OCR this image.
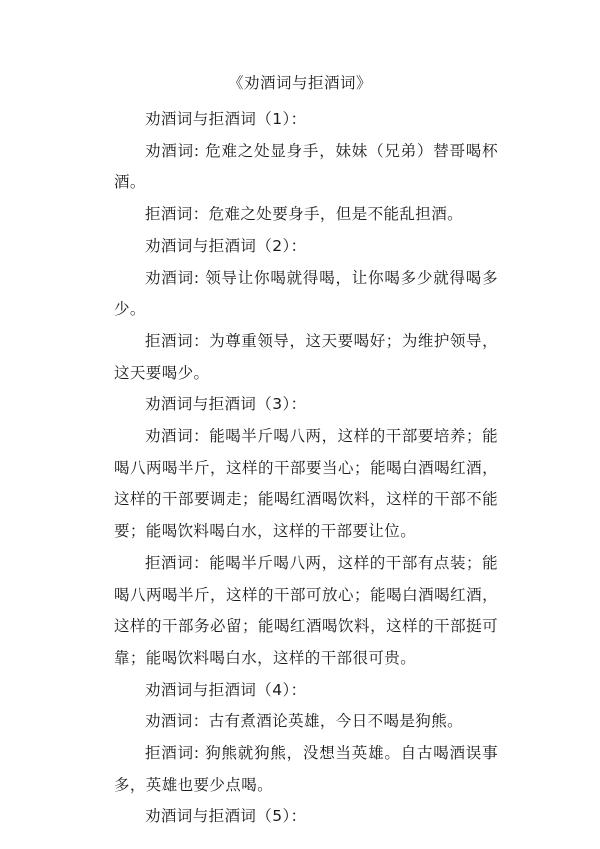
《劝酒词与拒酒词》

劝酒词与拒酒词（1）：

劝酒词: 危难之处显身手，妹妹（兄弟）替哥喝杯酒。

拒酒词：危难之处要身手，但是不能乱担酒。

劝酒词与拒酒词（2）：

劝酒词: 领导让你喝就得喝，让你喝多少就得喝多少。

拒酒词：为尊重领导，这天要喝好；为维护领导，这天要喝少。

劝酒词与拒酒词（3）：

劝酒词：能喝半斤喝八两，这样的干部要培养；能喝八两喝半斤，这样的干部要当心；能喝白酒喝红酒，这样的干部要调走；能喝红酒喝饮料，这样的干部不能要；能喝饮料喝白水，这样的干部要让位。

拒酒词：能喝半斤喝八两，这样的干部有点装；能喝八两喝半斤，这样的干部可放心；能喝白酒喝红酒，这样的干部务必留；能喝红酒喝饮料，这样的干部挺可靠；能喝饮料喝白水，这样的干部很可贵。

劝酒词与拒酒词（4）：

劝酒词：古有煮酒论英雄，今日不喝是狗熊。

拒酒词: 狗熊就狗熊，没想当英雄。自古喝酒误事多，英雄也要少点喝。

劝酒词与拒酒词（5）：
